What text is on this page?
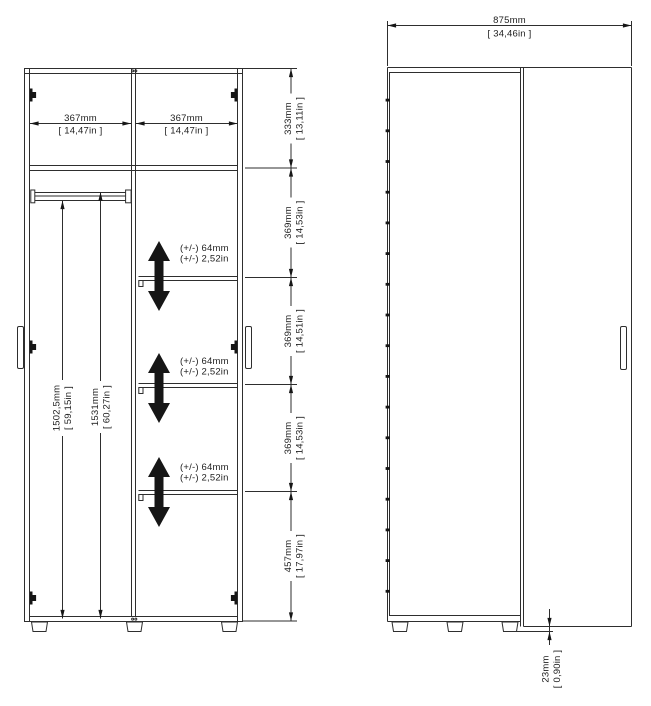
(+/-) 64mm
(+/-) 2,52in
(+/-) 64mm
(+/-) 2,52in
(+/-) 64mm
(+/-) 2,52in
367mm
[ 14,47in ]
367mm
[ 14,47in ]
1502,5mm [ 59,15in ] 1531mm [ 60,27in ]
333mm [ 13,11in ]
369mm [ 14,53in ]
369mm [ 14,51in ]
369mm [ 14,53in ]
457mm [ 17,97in ]
875mm
[ 34,46in ]
23mm [ 0,90in ]
